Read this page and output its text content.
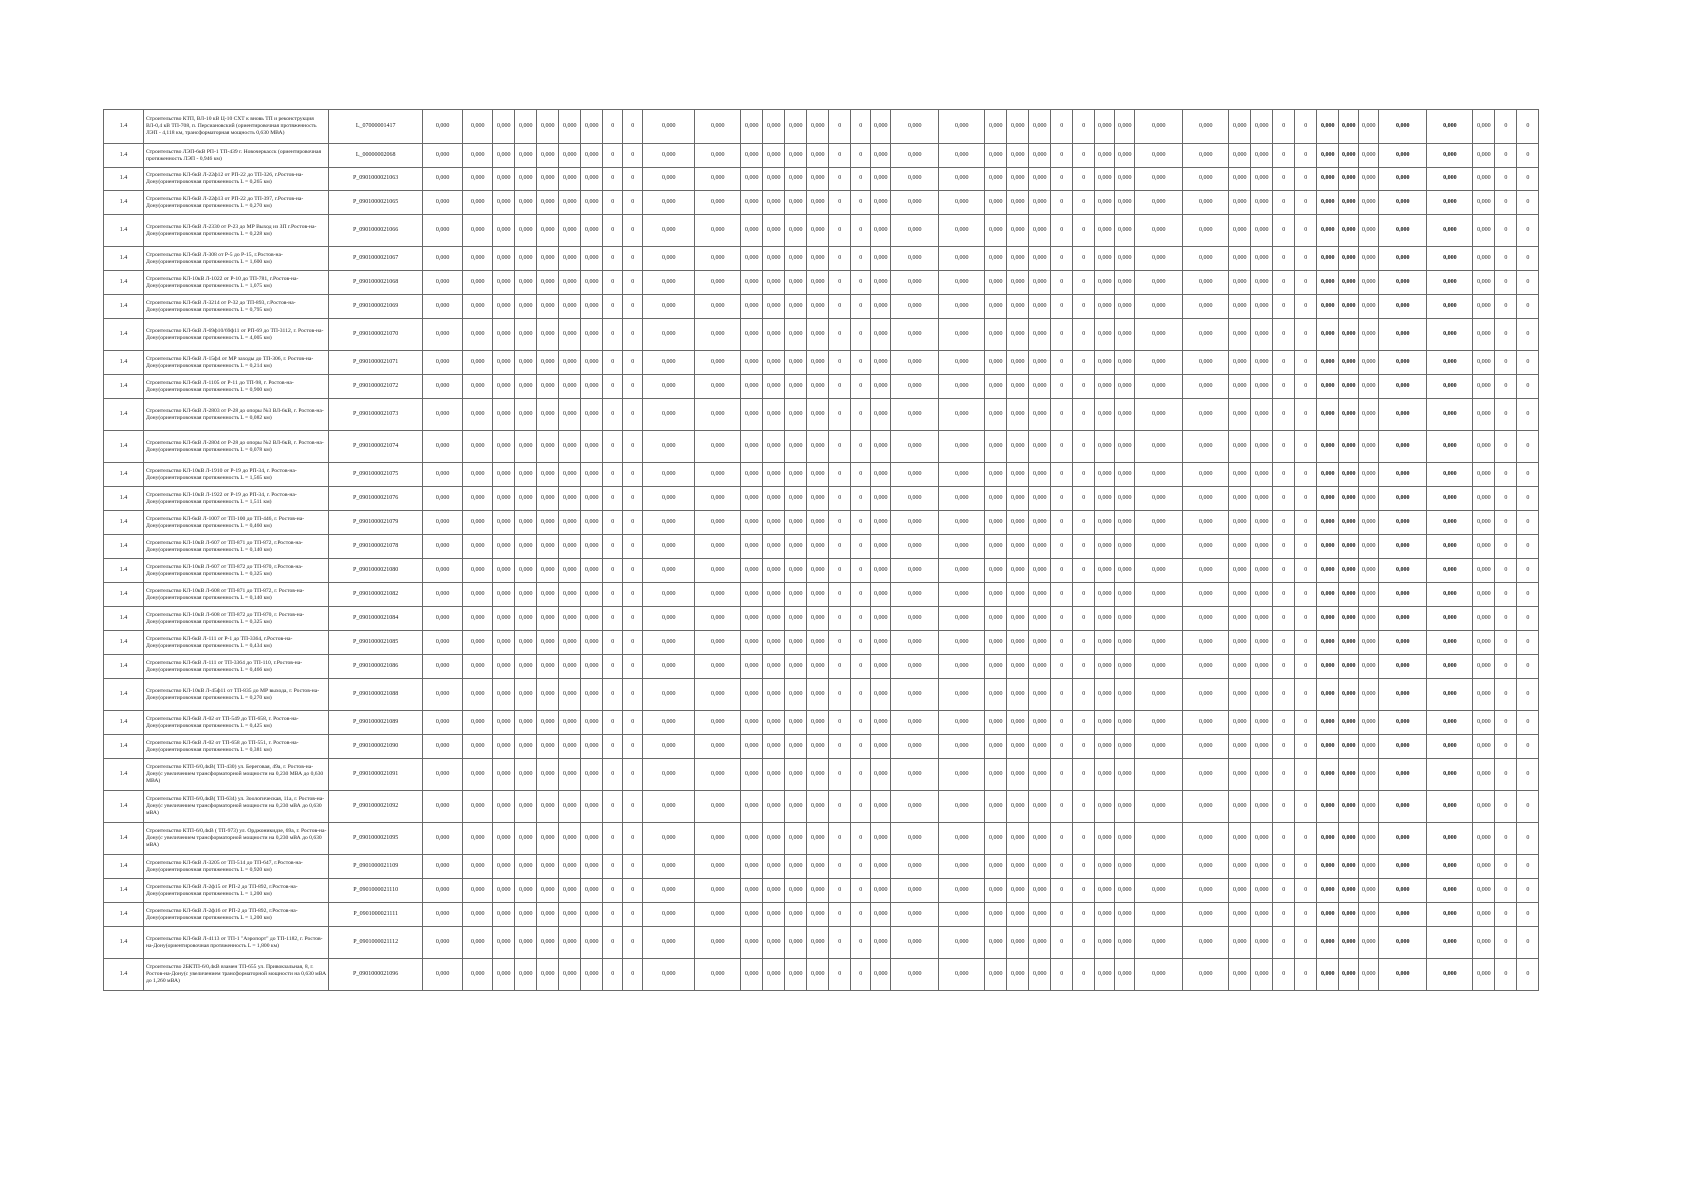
1.4	Строительство КТП, ВЛ-10 кВ Ц-10 СХТ к вновь ТП и реконструкция ВЛ-0,4 кВ ТП-708, п. Персиановский (ориентировочная протяженность ЛЭП - 4,118 км, трансформаторная мощность 0,630 МВА)	L_07000001417	0,000	0,000	0,000	0,000	0,000	0,000	0,000	0	0	0,000	0,000	0,000	0,000	0,000	0,000	0	0	0,000	0,000	0,000	0,000	0,000	0,000	0	0	0,000	0,000	0,000	0,000	0,000	0,000	0	0	0,000	0,000	0,000	0,000	0,000	0,000	0	0
1.4	Строительство ЛЭП-6кВ РП-1 ТП-439 г. Новочеркасск (ориентировочная протяженность ЛЭП - 0,946 км)	L_00000002068	0,000	0,000	0,000	0,000	0,000	0,000	0,000	0	0	0,000	0,000	0,000	0,000	0,000	0,000	0	0	0,000	0,000	0,000	0,000	0,000	0,000	0	0	0,000	0,000	0,000	0,000	0,000	0,000	0	0	0,000	0,000	0,000	0,000	0,000	0,000	0	0
1.4	Строительство КЛ-6кВ Л-22ф12 от РП-22 до ТП-326, г.Ростов-на-Дону(ориентировочная протяженность L = 0,265 км)	P_0901000021063	0,000	0,000	0,000	0,000	0,000	0,000	0,000	0	0	0,000	0,000	0,000	0,000	0,000	0,000	0	0	0,000	0,000	0,000	0,000	0,000	0,000	0	0	0,000	0,000	0,000	0,000	0,000	0,000	0	0	0,000	0,000	0,000	0,000	0,000	0,000	0	0
1.4	Строительство КЛ-6кВ Л-22ф13 от РП-22 до ТП-397, г.Ростов-на-Дону(ориентировочная протяженность L = 0,270 км)	P_0901000021065	0,000	0,000	0,000	0,000	0,000	0,000	0,000	0	0	0,000	0,000	0,000	0,000	0,000	0,000	0	0	0,000	0,000	0,000	0,000	0,000	0,000	0	0	0,000	0,000	0,000	0,000	0,000	0,000	0	0	0,000	0,000	0,000	0,000	0,000	0,000	0	0
1.4	Строительство КЛ-6кВ Л-2330 от Р-23 до МР Выход из ЗП г.Ростов-на-Дону(ориентировочная протяженность L = 0,228 км)	P_0901000021066	0,000	0,000	0,000	0,000	0,000	0,000	0,000	0	0	0,000	0,000	0,000	0,000	0,000	0,000	0	0	0,000	0,000	0,000	0,000	0,000	0,000	0	0	0,000	0,000	0,000	0,000	0,000	0,000	0	0	0,000	0,000	0,000	0,000	0,000	0,000	0	0
1.4	Строительство КЛ-6кВ Л-308 от Р-5 до Р-15, г.Ростов-на-Дону(ориентировочная протяженность L = 1,600 км)	P_0901000021067	0,000	0,000	0,000	0,000	0,000	0,000	0,000	0	0	0,000	0,000	0,000	0,000	0,000	0,000	0	0	0,000	0,000	0,000	0,000	0,000	0,000	0	0	0,000	0,000	0,000	0,000	0,000	0,000	0	0	0,000	0,000	0,000	0,000	0,000	0,000	0	0
1.4	Строительство КЛ-10кВ Л-1022 от Р-10 до ТП-781, г.Ростов-на-Дону(ориентировочная протяженность L = 1,075 км)	P_0901000021068	0,000	0,000	0,000	0,000	0,000	0,000	0,000	0	0	0,000	0,000	0,000	0,000	0,000	0,000	0	0	0,000	0,000	0,000	0,000	0,000	0,000	0	0	0,000	0,000	0,000	0,000	0,000	0,000	0	0	0,000	0,000	0,000	0,000	0,000	0,000	0	0
1.4	Строительство КЛ-6кВ Л-3214 от Р-32 до ТП-893, г.Ростов-на-Дону(ориентировочная протяженность L = 0,795 км)	P_0901000021069	0,000	0,000	0,000	0,000	0,000	0,000	0,000	0	0	0,000	0,000	0,000	0,000	0,000	0,000	0	0	0,000	0,000	0,000	0,000	0,000	0,000	0	0	0,000	0,000	0,000	0,000	0,000	0,000	0	0	0,000	0,000	0,000	0,000	0,000	0,000	0	0
1.4	Строительство КЛ-6кВ Л-69ф10/69ф11 от РП-69 до ТП-3112, г. Ростов-на-Дону(ориентировочная протяженность L = 4,005 км)	P_0901000021070	0,000	0,000	0,000	0,000	0,000	0,000	0,000	0	0	0,000	0,000	0,000	0,000	0,000	0,000	0	0	0,000	0,000	0,000	0,000	0,000	0,000	0	0	0,000	0,000	0,000	0,000	0,000	0,000	0	0	0,000	0,000	0,000	0,000	0,000	0,000	0	0
1.4	Строительство КЛ-6кВ Л-15ф4 от МР заходы до ТП-306, г. Ростов-на-Дону(ориентировочная протяженность L = 0,214 км)	P_0901000021071	0,000	0,000	0,000	0,000	0,000	0,000	0,000	0	0	0,000	0,000	0,000	0,000	0,000	0,000	0	0	0,000	0,000	0,000	0,000	0,000	0,000	0	0	0,000	0,000	0,000	0,000	0,000	0,000	0	0	0,000	0,000	0,000	0,000	0,000	0,000	0	0
1.4	Строительство КЛ-6кВ Л-1105 от Р-11 до ТП-98, г. Ростов-на-Дону(ориентировочная протяженность L = 0,900 км)	P_0901000021072	0,000	0,000	0,000	0,000	0,000	0,000	0,000	0	0	0,000	0,000	0,000	0,000	0,000	0,000	0	0	0,000	0,000	0,000	0,000	0,000	0,000	0	0	0,000	0,000	0,000	0,000	0,000	0,000	0	0	0,000	0,000	0,000	0,000	0,000	0,000	0	0
1.4	Строительство КЛ-6кВ Л-2803 от Р-28 до опоры №3 ВЛ-6кВ, г. Ростов-на-Дону(ориентировочная протяженность L = 0,082 км)	P_0901000021073	0,000	0,000	0,000	0,000	0,000	0,000	0,000	0	0	0,000	0,000	0,000	0,000	0,000	0,000	0	0	0,000	0,000	0,000	0,000	0,000	0,000	0	0	0,000	0,000	0,000	0,000	0,000	0,000	0	0	0,000	0,000	0,000	0,000	0,000	0,000	0	0
1.4	Строительство КЛ-6кВ Л-2804 от Р-28 до опоры №2 ВЛ-6кВ, г. Ростов-на-Дону(ориентировочная протяженность L = 0,078 км)	P_0901000021074	0,000	0,000	0,000	0,000	0,000	0,000	0,000	0	0	0,000	0,000	0,000	0,000	0,000	0,000	0	0	0,000	0,000	0,000	0,000	0,000	0,000	0	0	0,000	0,000	0,000	0,000	0,000	0,000	0	0	0,000	0,000	0,000	0,000	0,000	0,000	0	0
1.4	Строительство КЛ-10кВ Л-1910 от Р-19 до РП-34, г. Ростов-на-Дону(ориентировочная протяженность L = 1,565 км)	P_0901000021075	0,000	0,000	0,000	0,000	0,000	0,000	0,000	0	0	0,000	0,000	0,000	0,000	0,000	0,000	0	0	0,000	0,000	0,000	0,000	0,000	0,000	0	0	0,000	0,000	0,000	0,000	0,000	0,000	0	0	0,000	0,000	0,000	0,000	0,000	0,000	0	0
1.4	Строительство КЛ-10кВ Л-1922 от Р-19 до РП-34, г. Ростов-на-Дону(ориентировочная протяженность L = 1,511 км)	P_0901000021076	0,000	0,000	0,000	0,000	0,000	0,000	0,000	0	0	0,000	0,000	0,000	0,000	0,000	0,000	0	0	0,000	0,000	0,000	0,000	0,000	0,000	0	0	0,000	0,000	0,000	0,000	0,000	0,000	0	0	0,000	0,000	0,000	0,000	0,000	0,000	0	0
1.4	Строительство КЛ-6кВ Л-1007 от ТП-100 до ТП-446, г. Ростов-на-Дону(ориентировочная протяженность L = 0,460 км)	P_0901000021079	0,000	0,000	0,000	0,000	0,000	0,000	0,000	0	0	0,000	0,000	0,000	0,000	0,000	0,000	0	0	0,000	0,000	0,000	0,000	0,000	0,000	0	0	0,000	0,000	0,000	0,000	0,000	0,000	0	0	0,000	0,000	0,000	0,000	0,000	0,000	0	0
1.4	Строительство КЛ-10кВ Л-607 от ТП-871 до ТП-872, г.Ростов-на-Дону(ориентировочная протяженность L = 0,140 км)	P_0901000021078	0,000	0,000	0,000	0,000	0,000	0,000	0,000	0	0	0,000	0,000	0,000	0,000	0,000	0,000	0	0	0,000	0,000	0,000	0,000	0,000	0,000	0	0	0,000	0,000	0,000	0,000	0,000	0,000	0	0	0,000	0,000	0,000	0,000	0,000	0,000	0	0
1.4	Строительство КЛ-10кВ Л-607 от ТП-872 до ТП-870, г.Ростов-на-Дону(ориентировочная протяженность L = 0,325 км)	P_0901000021080	0,000	0,000	0,000	0,000	0,000	0,000	0,000	0	0	0,000	0,000	0,000	0,000	0,000	0,000	0	0	0,000	0,000	0,000	0,000	0,000	0,000	0	0	0,000	0,000	0,000	0,000	0,000	0,000	0	0	0,000	0,000	0,000	0,000	0,000	0,000	0	0
1.4	Строительство КЛ-10кВ Л-608 от ТП-871 до ТП-872, г. Ростов-на-Дону(ориентировочная протяженность L = 0,140 км)	P_0901000021082	0,000	0,000	0,000	0,000	0,000	0,000	0,000	0	0	0,000	0,000	0,000	0,000	0,000	0,000	0	0	0,000	0,000	0,000	0,000	0,000	0,000	0	0	0,000	0,000	0,000	0,000	0,000	0,000	0	0	0,000	0,000	0,000	0,000	0,000	0,000	0	0
1.4	Строительство КЛ-10кВ Л-608 от ТП-872 до ТП-870, г. Ростов-на-Дону(ориентировочная протяженность L = 0,325 км)	P_0901000021084	0,000	0,000	0,000	0,000	0,000	0,000	0,000	0	0	0,000	0,000	0,000	0,000	0,000	0,000	0	0	0,000	0,000	0,000	0,000	0,000	0,000	0	0	0,000	0,000	0,000	0,000	0,000	0,000	0	0	0,000	0,000	0,000	0,000	0,000	0,000	0	0
1.4	Строительство КЛ-6кВ Л-111 от Р-1 до ТП-3364, г.Ростов-на-Дону(ориентировочная протяженность L = 0,434 км)	P_0901000021085	0,000	0,000	0,000	0,000	0,000	0,000	0,000	0	0	0,000	0,000	0,000	0,000	0,000	0,000	0	0	0,000	0,000	0,000	0,000	0,000	0,000	0	0	0,000	0,000	0,000	0,000	0,000	0,000	0	0	0,000	0,000	0,000	0,000	0,000	0,000	0	0
1.4	Строительство КЛ-6кВ Л-111 от ТП-3364 до ТП-110, г.Ростов-на-Дону(ориентировочная протяженность L = 0,466 км)	P_0901000021086	0,000	0,000	0,000	0,000	0,000	0,000	0,000	0	0	0,000	0,000	0,000	0,000	0,000	0,000	0	0	0,000	0,000	0,000	0,000	0,000	0,000	0	0	0,000	0,000	0,000	0,000	0,000	0,000	0	0	0,000	0,000	0,000	0,000	0,000	0,000	0	0
1.4	Строительство КЛ-10кВ Л-45ф11 от ТП-835 до МР выхода, г. Ростов-на-Дону(ориентировочная протяженность L = 0,270 км)	P_0901000021088	0,000	0,000	0,000	0,000	0,000	0,000	0,000	0	0	0,000	0,000	0,000	0,000	0,000	0,000	0	0	0,000	0,000	0,000	0,000	0,000	0,000	0	0	0,000	0,000	0,000	0,000	0,000	0,000	0	0	0,000	0,000	0,000	0,000	0,000	0,000	0	0
1.4	Строительство КЛ-6кВ Л-02 от ТП-549 до ТП-658, г. Ростов-на-Дону(ориентировочная протяженность L = 0,425 км)	P_0901000021089	0,000	0,000	0,000	0,000	0,000	0,000	0,000	0	0	0,000	0,000	0,000	0,000	0,000	0,000	0	0	0,000	0,000	0,000	0,000	0,000	0,000	0	0	0,000	0,000	0,000	0,000	0,000	0,000	0	0	0,000	0,000	0,000	0,000	0,000	0,000	0	0
1.4	Строительство КЛ-6кВ Л-02 от ТП-658 до ТП-551, г. Ростов-на-Дону(ориентировочная протяженность L = 0,381 км)	P_0901000021090	0,000	0,000	0,000	0,000	0,000	0,000	0,000	0	0	0,000	0,000	0,000	0,000	0,000	0,000	0	0	0,000	0,000	0,000	0,000	0,000	0,000	0	0	0,000	0,000	0,000	0,000	0,000	0,000	0	0	0,000	0,000	0,000	0,000	0,000	0,000	0	0
1.4	Строительство КТП-6/0,4кВ( ТП-430) ул. Береговая, 49а, г. Ростов-на-Дону(с увеличением трансформаторной мощности на 0,230 МВА до 0,630 МВА)	P_0901000021091	0,000	0,000	0,000	0,000	0,000	0,000	0,000	0	0	0,000	0,000	0,000	0,000	0,000	0,000	0	0	0,000	0,000	0,000	0,000	0,000	0,000	0	0	0,000	0,000	0,000	0,000	0,000	0,000	0	0	0,000	0,000	0,000	0,000	0,000	0,000	0	0
1.4	Строительство КТП-6/0,4кВ( ТП-634) ул. Зоологическая, 11а, г. Ростов-на-Дону(с увеличением трансформаторной мощности на 0,230 мВА до 0,630 мВА)	P_0901000021092	0,000	0,000	0,000	0,000	0,000	0,000	0,000	0	0	0,000	0,000	0,000	0,000	0,000	0,000	0	0	0,000	0,000	0,000	0,000	0,000	0,000	0	0	0,000	0,000	0,000	0,000	0,000	0,000	0	0	0,000	0,000	0,000	0,000	0,000	0,000	0	0
1.4	Строительство КТП-6/0,4кВ ( ТП-973) ул. Орджоникидзе, 69а, г. Ростов-на-Дону(с увеличением трансформаторной мощности на 0,230 мВА до 0,630 мВА)	P_0901000021095	0,000	0,000	0,000	0,000	0,000	0,000	0,000	0	0	0,000	0,000	0,000	0,000	0,000	0,000	0	0	0,000	0,000	0,000	0,000	0,000	0,000	0	0	0,000	0,000	0,000	0,000	0,000	0,000	0	0	0,000	0,000	0,000	0,000	0,000	0,000	0	0
1.4	Строительство КЛ-6кВ Л-3205 от ТП-514 до ТП-647, г.Ростов-на-Дону(ориентировочная протяженность L = 0,920 км)	P_0901000021109	0,000	0,000	0,000	0,000	0,000	0,000	0,000	0	0	0,000	0,000	0,000	0,000	0,000	0,000	0	0	0,000	0,000	0,000	0,000	0,000	0,000	0	0	0,000	0,000	0,000	0,000	0,000	0,000	0	0	0,000	0,000	0,000	0,000	0,000	0,000	0	0
1.4	Строительство КЛ-6кВ Л-2ф15 от РП-2 до ТП-892, г.Ростов-на-Дону(ориентировочная протяженность L = 1,200 км)	P_0901000021110	0,000	0,000	0,000	0,000	0,000	0,000	0,000	0	0	0,000	0,000	0,000	0,000	0,000	0,000	0	0	0,000	0,000	0,000	0,000	0,000	0,000	0	0	0,000	0,000	0,000	0,000	0,000	0,000	0	0	0,000	0,000	0,000	0,000	0,000	0,000	0	0
1.4	Строительство КЛ-6кВ Л-2ф16 от РП-2 до ТП-892, г.Ростов-на-Дону(ориентировочная протяженность L = 1,200 км)	P_0901000021111	0,000	0,000	0,000	0,000	0,000	0,000	0,000	0	0	0,000	0,000	0,000	0,000	0,000	0,000	0	0	0,000	0,000	0,000	0,000	0,000	0,000	0	0	0,000	0,000	0,000	0,000	0,000	0,000	0	0	0,000	0,000	0,000	0,000	0,000	0,000	0	0
1.4	Строительство КЛ-6кВ Л-4113 от ТП-1 "Аэропорт" до ТП-1182, г. Ростов-на-Дону(ориентировочная протяженность L = 1,800 км)	P_0901000021112	0,000	0,000	0,000	0,000	0,000	0,000	0,000	0	0	0,000	0,000	0,000	0,000	0,000	0,000	0	0	0,000	0,000	0,000	0,000	0,000	0,000	0	0	0,000	0,000	0,000	0,000	0,000	0,000	0	0	0,000	0,000	0,000	0,000	0,000	0,000	0	0
1.4	Строительство 2БКТП-6/0,4кВ взамен ТП-655 ул. Привокзальная, 8, г. Ростов-на-Дону(с увеличением трансформаторной мощности на 0,630 мВА до 1,260 мВА)	P_0901000021096	0,000	0,000	0,000	0,000	0,000	0,000	0,000	0	0	0,000	0,000	0,000	0,000	0,000	0,000	0	0	0,000	0,000	0,000	0,000	0,000	0,000	0	0	0,000	0,000	0,000	0,000	0,000	0,000	0	0	0,000	0,000	0,000	0,000	0,000	0,000	0	0
